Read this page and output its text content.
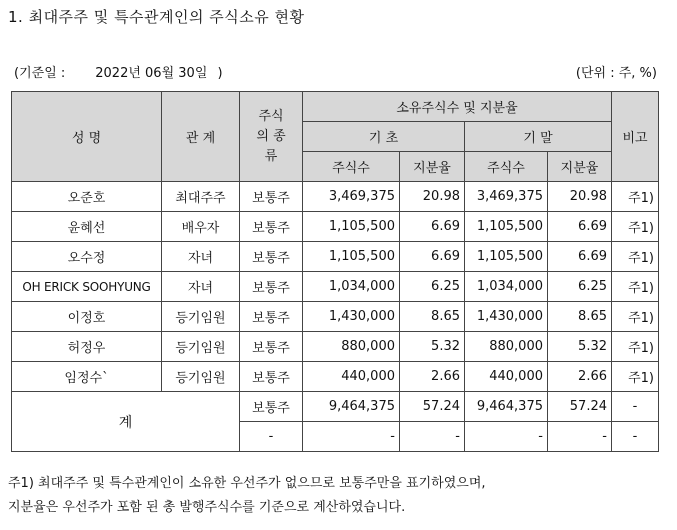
1. 최대주주 및 특수관계인의 주식소유 현황
(기준일 : 2022년 06월 30일 )	(단위 : 주, %)
성 명	관 계	주식의 종류	소유주식수 및 지분율				비고
			기 초		기 말		
			주식수	지분율	주식수	지분율	
오준호	최대주주	보통주	3,469,375	20.98	3,469,375	20.98	주1)
윤혜선	배우자	보통주	1,105,500	6.69	1,105,500	6.69	주1)
오수정	자녀	보통주	1,105,500	6.69	1,105,500	6.69	주1)
OH ERICK SOOHYUNG	자녀	보통주	1,034,000	6.25	1,034,000	6.25	주1)
이정호	등기임원	보통주	1,430,000	8.65	1,430,000	8.65	주1)
허정우	등기임원	보통주	880,000	5.32	880,000	5.32	주1)
임정수`	등기임원	보통주	440,000	2.66	440,000	2.66	주1)
계		보통주	9,464,375	57.24	9,464,375	57.24	-
		-	-	-	-	-	-
주1) 최대주주 및 특수관계인이 소유한 우선주가 없으므로 보통주만을 표기하였으며,
지분율은 우선주가 포함 된 총 발행주식수를 기준으로 계산하였습니다.
